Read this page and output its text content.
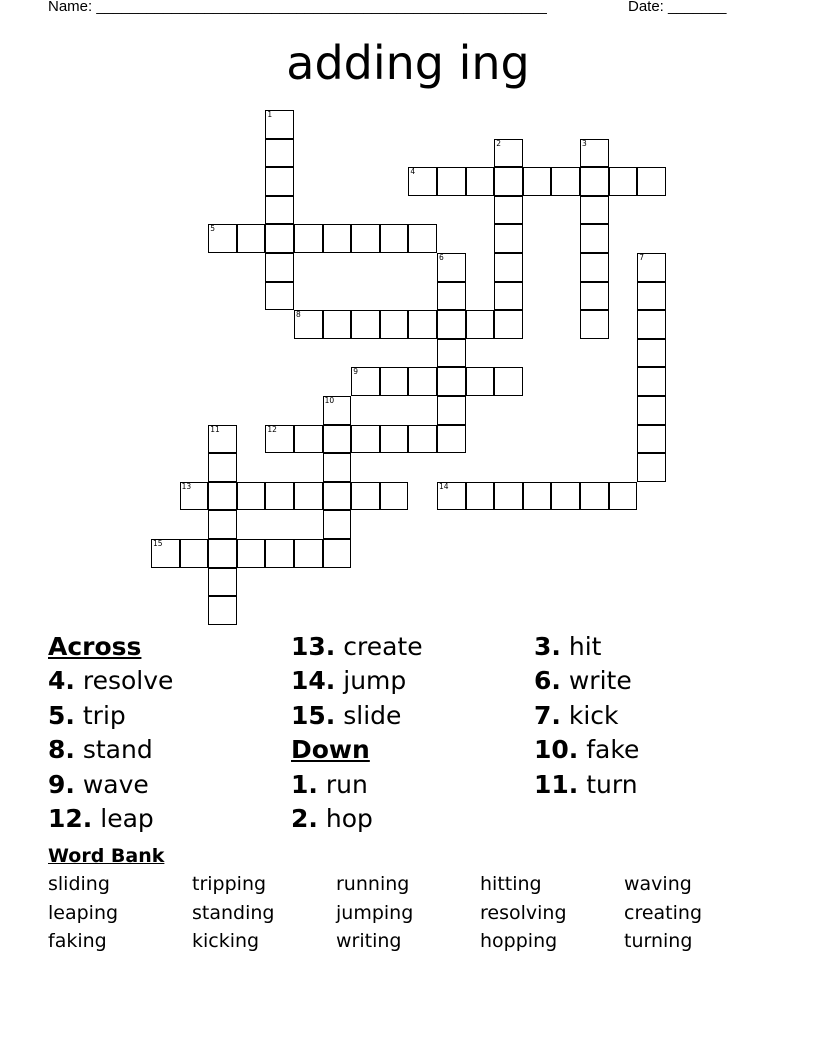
Name: ______________________________________________________	Date: _______
adding ing
1
2	3
4
5
6	7
8
9
10
11	12
13	14
15
Across
4. resolve
5. trip
8. stand
9. wave
12. leap
13. create
14. jump
15. slide
Down
1. run
2. hop
3. hit
6. write
7. kick
10. fake
11. turn
Word Bank
sliding	tripping	running	hitting	waving
leaping	standing	jumping	resolving	creating
faking	kicking	writing	hopping	turning
